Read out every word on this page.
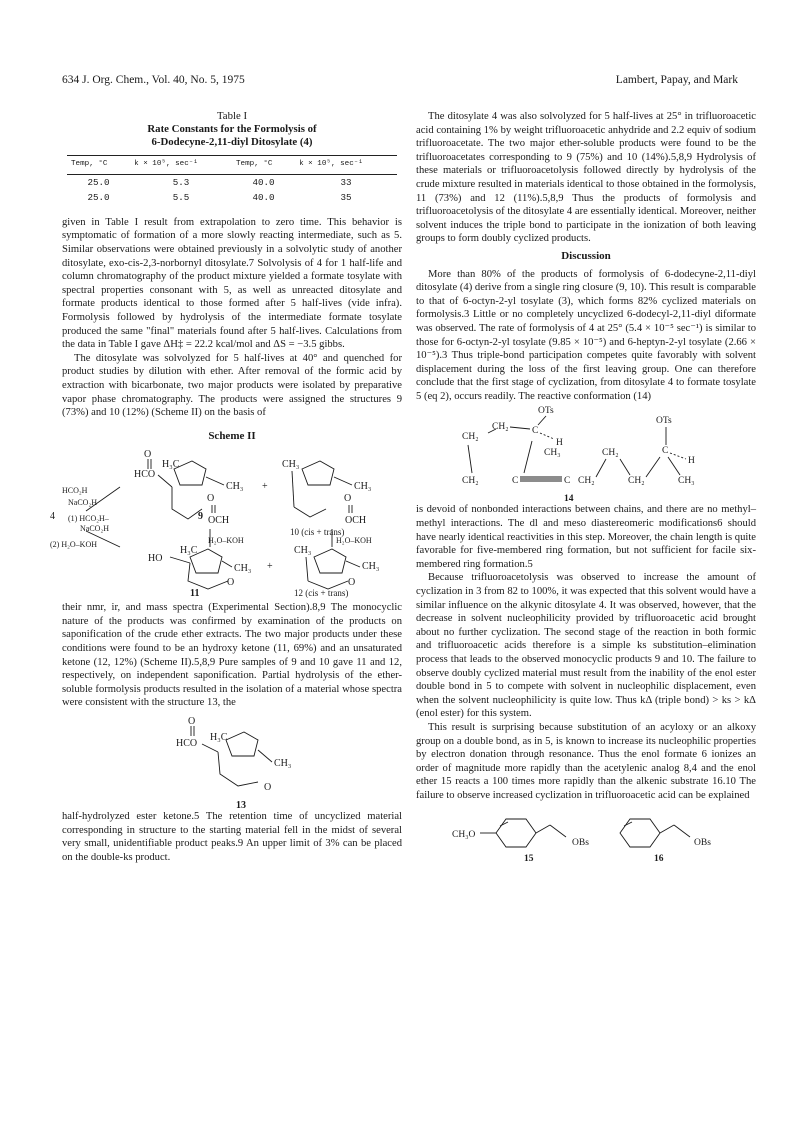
634 J. Org. Chem., Vol. 40, No. 5, 1975	Lambert, Papay, and Mark
Table I
Rate Constants for the Formolysis of
6-Dodecyne-2,11-diyl Ditosylate (4)
Temp, °C	k × 10⁵, sec⁻¹	Temp, °C	k × 10⁵, sec⁻¹
25.0	5.3	40.0	33
25.0	5.5	40.0	35

given in Table I result from extrapolation to zero time. This behavior is symptomatic of formation of a more slowly reacting intermediate, such as 5. Similar observations were obtained previously in a solvolytic study of another ditosylate, exo-cis-2,3-norbornyl ditosylate.7 Solvolysis of 4 for 1 half-life and column chromatography of the product mixture yielded a formate tosylate with spectral properties consonant with 5, as well as unreacted ditosylate and formate products identical to those formed after 5 half-lives (vide infra). Formolysis followed by hydrolysis of the intermediate formate tosylate produced the same "final" materials found after 5 half-lives. Calculations from the data in Table I gave ΔH‡ = 22.2 kcal/mol and ΔS = −3.5 gibbs.

The ditosylate was solvolyzed for 5 half-lives at 40° and quenched for product studies by dilution with ether. After removal of the formic acid by extraction with bicarbonate, two major products were isolated by preparative vapor phase chromatography. The products were assigned the structures 9 (73%) and 10 (12%) (Scheme II) on the basis of

Scheme II
O
HCO
H₃C
CH₃ +
O
OCH
CH₃
CH₃
O
OCH
HCO₂H
NaCO₂H
(1) HCO₂H–
NaCO₂H
4
(2) H₂O–KOH
9
10 (cis + trans)
H₂O–KOH	H₂O–KOH
HO
H₃C
CH₃ +
CH₃
CH₃
O	O
11	12 (cis + trans)

their nmr, ir, and mass spectra (Experimental Section).8,9 The monocyclic nature of the products was confirmed by examination of the products on saponification of the crude ether extracts. The two major products under these conditions were found to be an hydroxy ketone (11, 69%) and an unsaturated ketone (12, 12%) (Scheme II).5,8,9 Pure samples of 9 and 10 gave 11 and 12, respectively, on independent saponification. Partial hydrolysis of the ether-soluble formolysis products resulted in the isolation of a material whose spectra were consistent with the structure 13, the

O
HCO
H₃C
CH₃
O
13

half-hydrolyzed ester ketone.5 The retention time of uncyclized material corresponding in structure to the starting material fell in the midst of several very small, unidentifiable product peaks.9 An upper limit of 3% can be placed on the double-ks product.

The ditosylate 4 was also solvolyzed for 5 half-lives at 25° in trifluoroacetic acid containing 1% by weight trifluoroacetic anhydride and 2.2 equiv of sodium trifluoroacetate. The two major ether-soluble products were found to be the trifluoroacetates corresponding to 9 (75%) and 10 (14%).5,8,9 Hydrolysis of these materials or trifluoroacetolysis followed directly by hydrolysis of the crude mixture resulted in materials identical to those obtained in the formolysis, 11 (73%) and 12 (11%).5,8,9 Thus the products of formolysis and trifluoroacetolysis of the ditosylate 4 are essentially identical. Moreover, neither solvent induces the triple bond to participate in the ionization of both leaving groups to form doubly cyclized products.

Discussion

More than 80% of the products of formolysis of 6-dodecyne-2,11-diyl ditosylate (4) derive from a single ring closure (9, 10). This result is comparable to that of 6-octyn-2-yl tosylate (3), which forms 82% cyclized materials on formolysis.3 Little or no completely uncyclized 6-dodecyl-2,11-diyl diformate was observed. The rate of formolysis of 4 at 25° (5.4 × 10⁻⁵ sec⁻¹) is similar to those for 6-octyn-2-yl tosylate (9.85 × 10⁻⁵) and 6-heptyn-2-yl tosylate (2.66 × 10⁻⁵).3 Thus triple-bond participation competes quite favorably with solvent displacement during the loss of the first leaving group. One can therefore conclude that the first stage of cyclization, from ditosylate 4 to formate tosylate 5 (eq 2), occurs readily. The reactive conformation (14)

OTs
CH₂ C
CH₂
H
CH₃
OTs
CH₂	C
H
CH₂	C	C CH₂	CH₂	CH₃
14

is devoid of nonbonded interactions between chains, and there are no methyl–methyl interactions. The dl and meso diastereomeric modifications6 should have nearly identical reactivities in this step. Moreover, the chain length is quite favorable for five-membered ring formation, but not sufficient for facile six-membered ring formation.5

Because trifluoroacetolysis was observed to increase the amount of cyclization in 3 from 82 to 100%, it was expected that this solvent would have a similar influence on the alkynic ditosylate 4. It was observed, however, that the decrease in solvent nucleophilicity provided by trifluoroacetic acid brought about no further cyclization. The second stage of the reaction in both formic and trifluoroacetic acids therefore is a simple ks substitution–elimination process that leads to the observed monocyclic products 9 and 10. The failure to observe doubly cyclized material must result from the inability of the enol ester double bond in 5 to compete with solvent in nucleophilic displacement, even when the solvent nucleophilicity is quite low. Thus kΔ (triple bond) > ks > kΔ (enol ester) for this system.

This result is surprising because substitution of an acyloxy or an alkoxy group on a double bond, as in 5, is known to increase its nucleophilic properties by electron donation through resonance. Thus the enol formate 6 ionizes an order of magnitude more rapidly than the acetylenic analog 8,4 and the enol ether 15 reacts a 100 times more rapidly than the alkenic substrate 16.10 The failure to observe increased cyclization in trifluoroacetic acid can be explained

CH₃O
OBs
15
OBs
16
